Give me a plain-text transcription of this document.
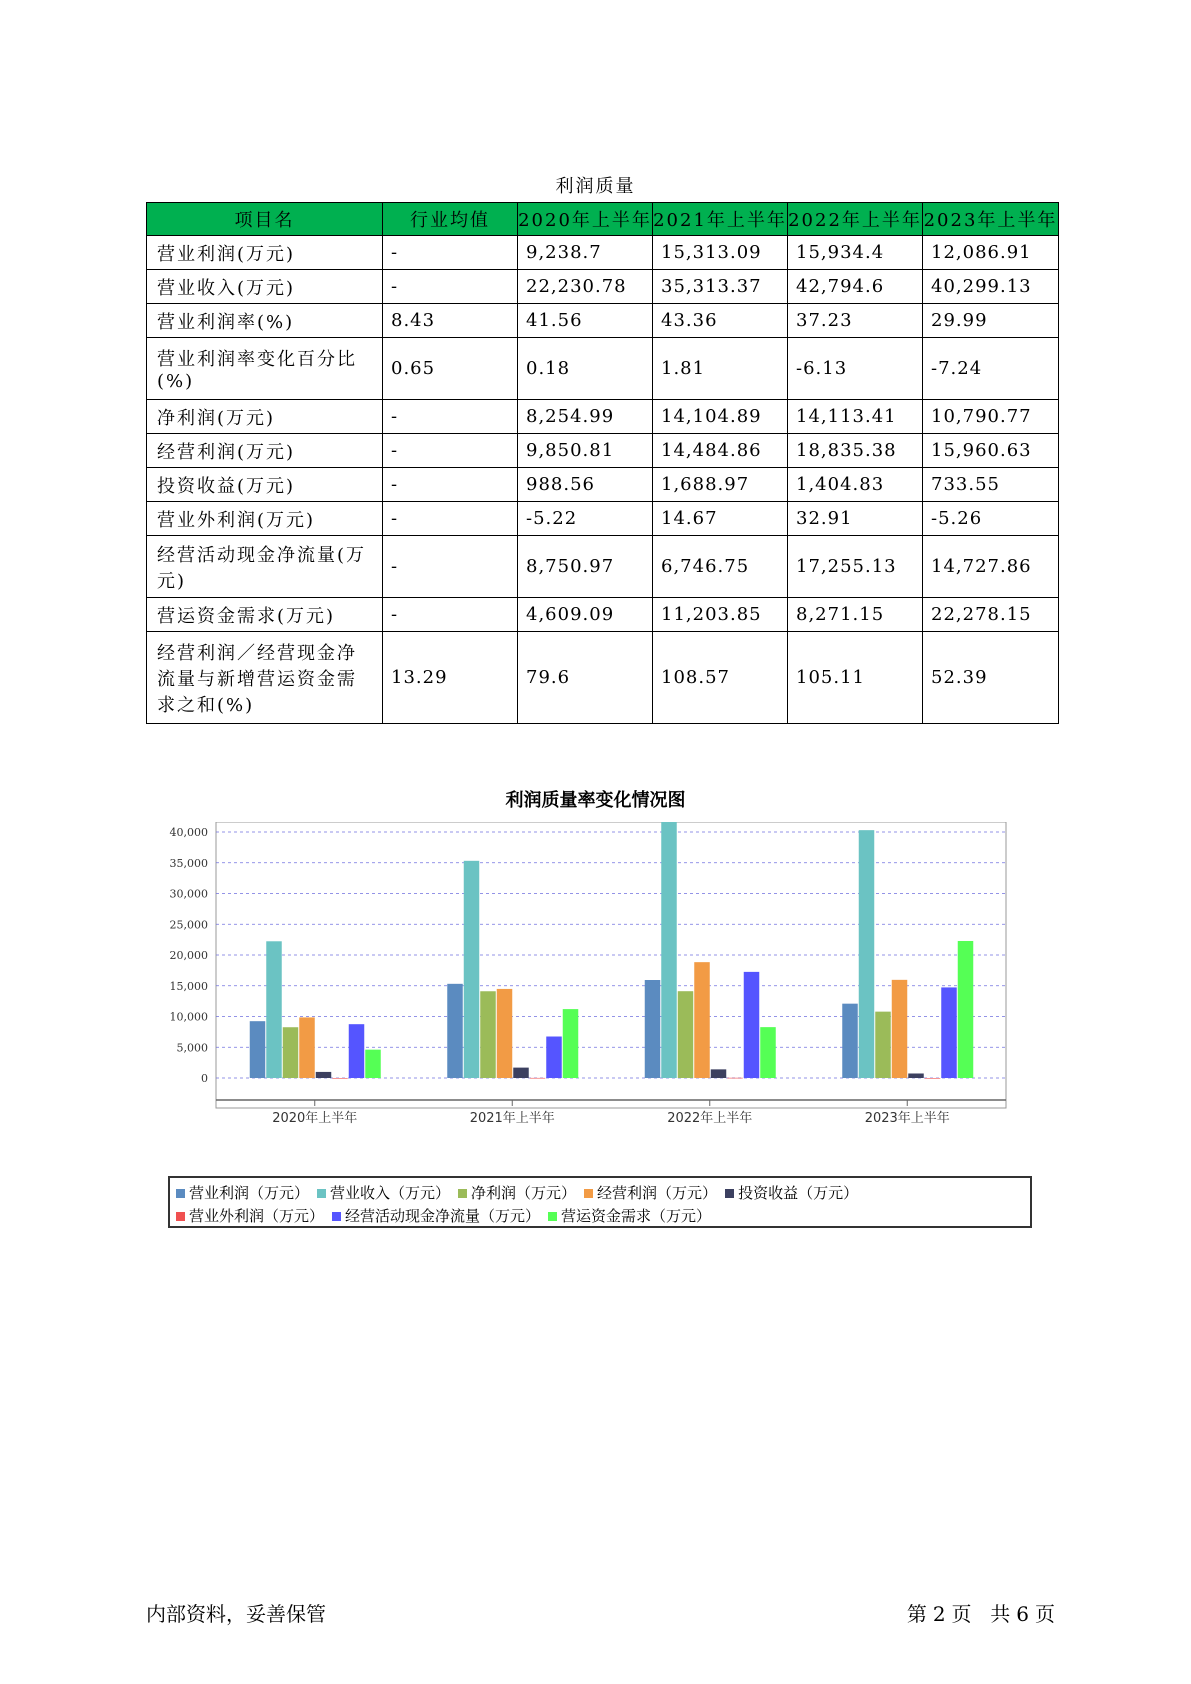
利润质量
项目名	行业均值	2020年上半年	2021年上半年	2022年上半年	2023年上半年
营业利润(万元)	-	9,238.7	15,313.09	15,934.4	12,086.91
营业收入(万元)	-	22,230.78	35,313.37	42,794.6	40,299.13
营业利润率(%)	8.43	41.56	43.36	37.23	29.99
营业利润率变化百分比(%)	0.65	0.18	1.81	-6.13	-7.24
净利润(万元)	-	8,254.99	14,104.89	14,113.41	10,790.77
经营利润(万元)	-	9,850.81	14,484.86	18,835.38	15,960.63
投资收益(万元)	-	988.56	1,688.97	1,404.83	733.55
营业外利润(万元)	-	-5.22	14.67	32.91	-5.26
经营活动现金净流量(万元)	-	8,750.97	6,746.75	17,255.13	14,727.86
营运资金需求(万元)	-	4,609.09	11,203.85	8,271.15	22,278.15
经营利润／经营现金净流量与新增营运资金需求之和(%)	13.29	79.6	108.57	105.11	52.39
利润质量率变化情况图
0
5,000
10,000
15,000
20,000
25,000
30,000
35,000
40,000
2020年上半年	2021年上半年	2022年上半年	2023年上半年
营业利润（万元） 营业收入（万元） 净利润（万元） 经营利润（万元） 投资收益（万元）
营业外利润（万元） 经营活动现金净流量（万元） 营运资金需求（万元）
内部资料，妥善保管	第 2 页 共 6 页
